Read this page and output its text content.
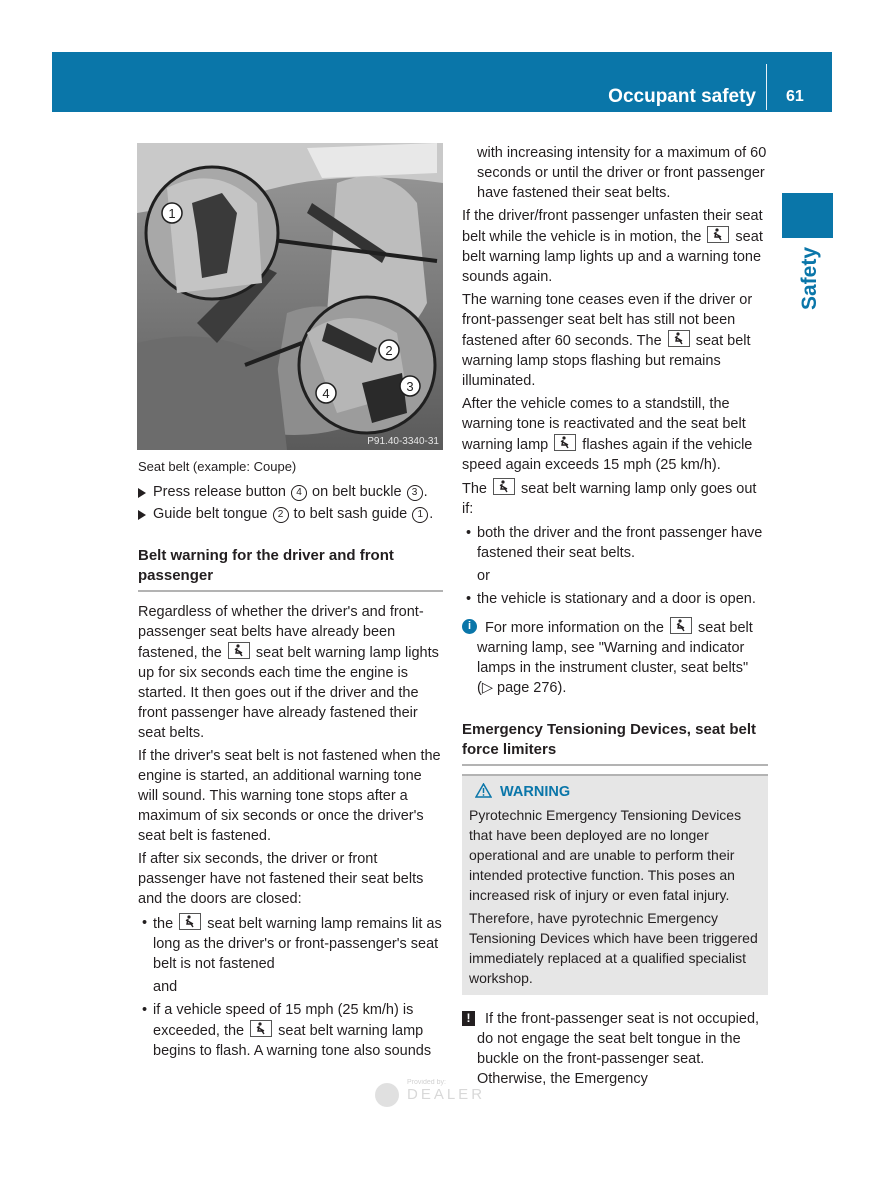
Occupant safety 61
Safety
1
2
3
4
P91.40-3340-31
Seat belt (example: Coupe)
Press release button 4 on belt buckle 3 .
Guide belt tongue 2 to belt sash guide 1 .
Belt warning for the driver and front passenger
Regardless of whether the driver's and front-passenger seat belts have already been fastened, the
seat belt warning lamp lights up for six seconds each time the engine is started. It then goes out if the driver and the front passenger have already fastened their seat belts.
If the driver's seat belt is not fastened when the engine is started, an additional warning tone will sound. This warning tone stops after a maximum of six seconds or once the driver's seat belt is fastened.
If after six seconds, the driver or front passenger have not fastened their seat belts and the doors are closed:
• the
seat belt warning lamp remains lit as long as the driver's or front-passenger's seat belt is not fastened
and
• if a vehicle speed of 15 mph (25 km/h) is exceeded, the
seat belt warning lamp begins to flash. A warning tone also sounds
with increasing intensity for a maximum of 60 seconds or until the driver or front passenger have fastened their seat belts.
If the driver/front passenger unfasten their seat belt while the vehicle is in motion, the
seat belt warning lamp lights up and a warning tone sounds again.
The warning tone ceases even if the driver or front-passenger seat belt has still not been fastened after 60 seconds. The
seat belt warning lamp stops flashing but remains illuminated.
After the vehicle comes to a standstill, the warning tone is reactivated and the seat belt warning lamp
flashes again if the vehicle speed again exceeds 15 mph (25 km/h).
The
seat belt warning lamp only goes out if:
• both the driver and the front passenger have fastened their seat belts.
or
• the vehicle is stationary and a door is open.
i For more information on the
seat belt warning lamp, see "Warning and indicator lamps in the instrument cluster, seat belts" (▷ page 276).
Emergency Tensioning Devices, seat belt force limiters
WARNING
Pyrotechnic Emergency Tensioning Devices that have been deployed are no longer operational and are unable to perform their intended protective function. This poses an increased risk of injury or even fatal injury.
Therefore, have pyrotechnic Emergency Tensioning Devices which have been triggered immediately replaced at a qualified specialist workshop.
!	If the front-passenger seat is not occupied, do not engage the seat belt tongue in the buckle on the front-passenger seat. Otherwise, the Emergency
Provided by:
DEALER
